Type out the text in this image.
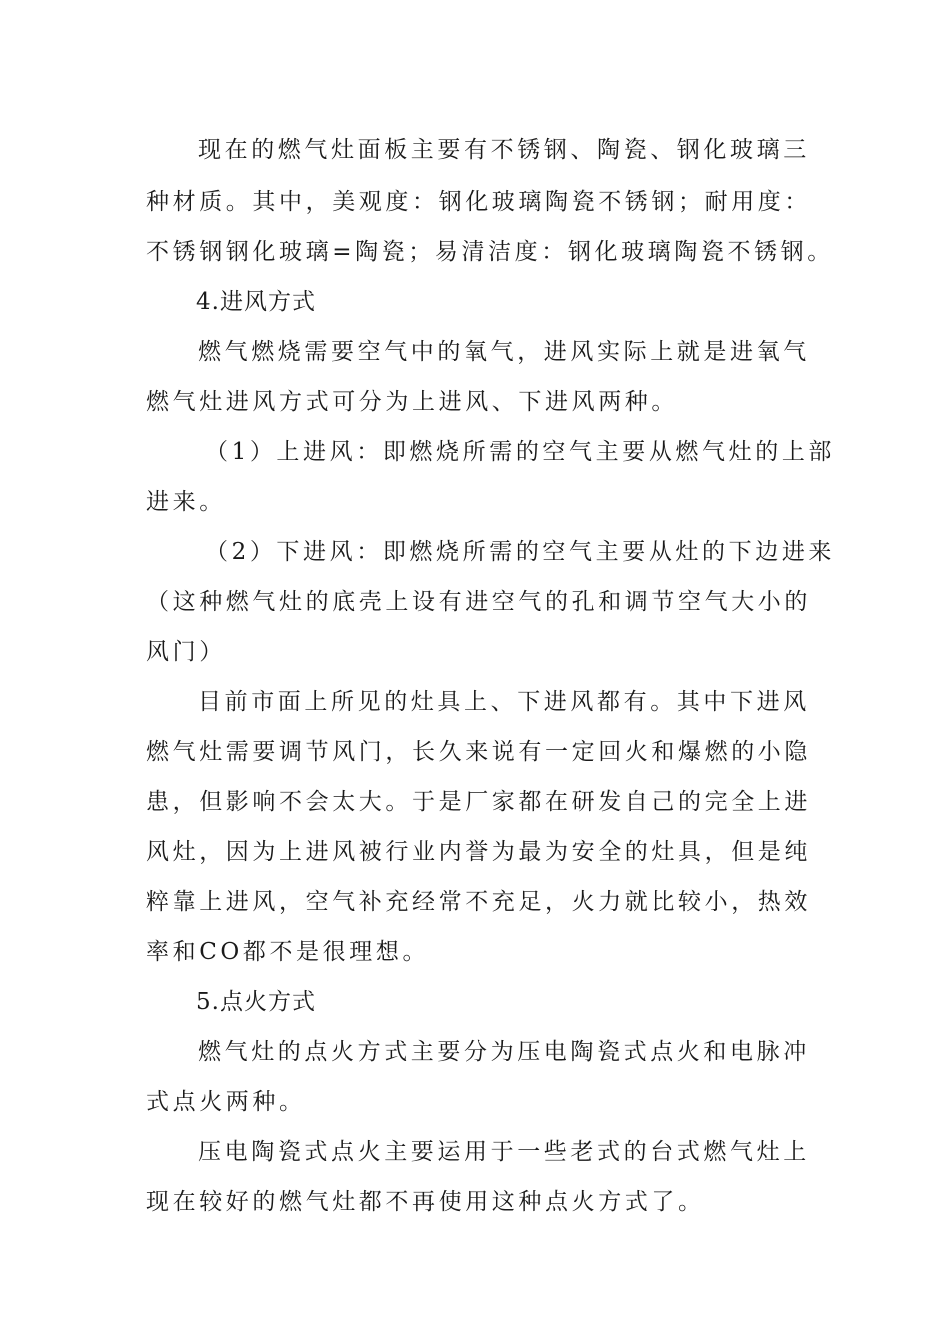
现在的燃气灶面板主要有不锈钢、陶瓷、钢化玻璃三
种材质。其中，美观度：钢化玻璃陶瓷不锈钢；耐用度：
不锈钢钢化玻璃=陶瓷；易清洁度：钢化玻璃陶瓷不锈钢。
4.进风方式
燃气燃烧需要空气中的氧气，进风实际上就是进氧气
燃气灶进风方式可分为上进风、下进风两种。
（1）上进风：即燃烧所需的空气主要从燃气灶的上部
进来。
（2）下进风：即燃烧所需的空气主要从灶的下边进来
（这种燃气灶的底壳上设有进空气的孔和调节空气大小的
风门）
目前市面上所见的灶具上、下进风都有。其中下进风
燃气灶需要调节风门，长久来说有一定回火和爆燃的小隐
患，但影响不会太大。于是厂家都在研发自己的完全上进
风灶，因为上进风被行业内誉为最为安全的灶具，但是纯
粹靠上进风，空气补充经常不充足，火力就比较小，热效
率和CO都不是很理想。
5.点火方式
燃气灶的点火方式主要分为压电陶瓷式点火和电脉冲
式点火两种。
压电陶瓷式点火主要运用于一些老式的台式燃气灶上
现在较好的燃气灶都不再使用这种点火方式了。
